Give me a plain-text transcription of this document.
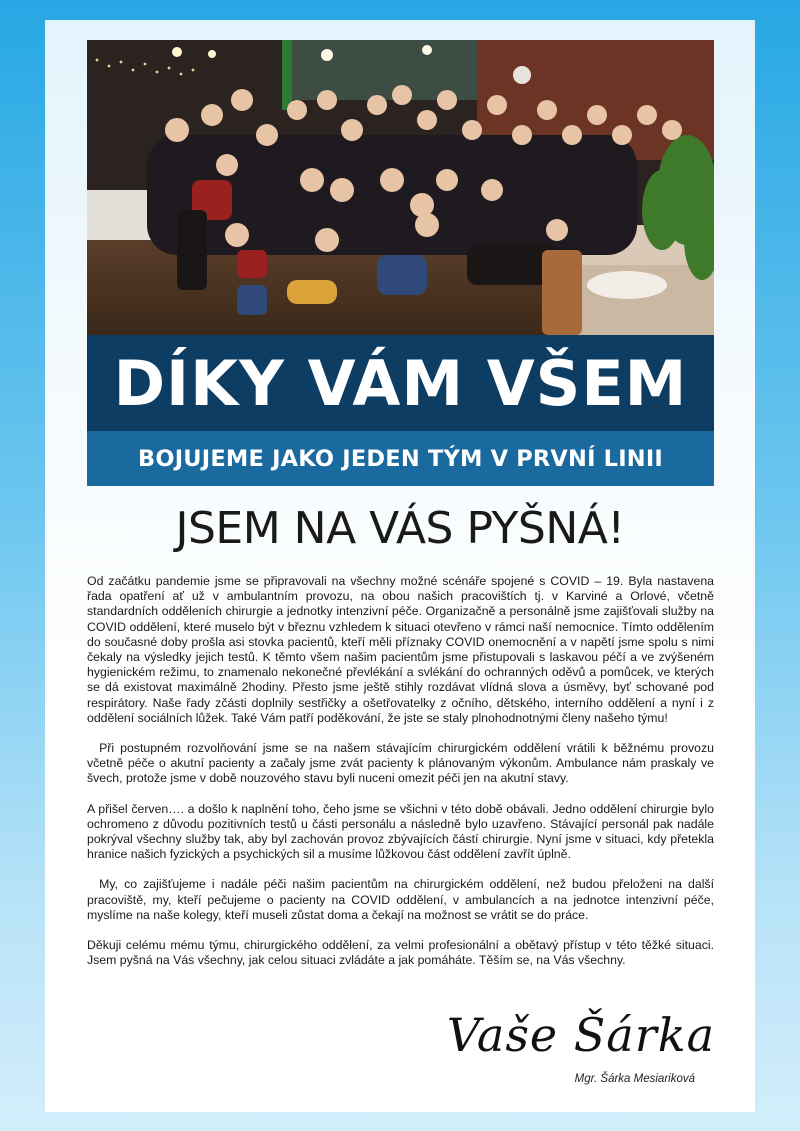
DÍKY VÁM VŠEM
BOJUJEME JAKO JEDEN TÝM V PRVNÍ LINII
JSEM NA VÁS PYŠNÁ!

Od začátku pandemie jsme se připravovali na všechny možné scénáře spojené s COVID – 19. Byla nastavena řada opatření ať už v ambulantním provozu, na obou našich pracovištích tj. v Karviné a Orlové, včetně standardních odděleních chirurgie a jednotky intenzivní péče. Organizačně a personálně jsme zajišťovali služby na COVID oddělení, které muselo být v březnu vzhledem k situaci otevřeno v rámci naší nemocnice. Tímto oddělením do současné doby prošla asi stovka pacientů, kteří měli příznaky COVID onemocnění a v napětí jsme spolu s nimi čekaly na výsledky jejich testů. K těmto všem našim pacientům jsme přistupovali s laskavou péčí a ve zvýšeném hygienickém režimu, to znamenalo nekonečné převlékání a svlékání do ochranných oděvů a pomůcek, ve kterých se dá existovat maximálně 2hodiny. Přesto jsme ještě stihly rozdávat vlídná slova a úsměvy, byť schované pod respirátory. Naše řady zčásti doplnily sestřičky a ošetřovatelky z očního, dětského, interního oddělení a nyní i z oddělení sociálních lůžek. Také Vám patří poděkování, že jste se staly plnohodnotnými členy našeho týmu!

Při postupném rozvolňování jsme se na našem stávajícím chirurgickém oddělení vrátili k běžnému provozu včetně péče o akutní pacienty a začaly jsme zvát pacienty k plánovaným výkonům. Ambulance nám praskaly ve švech, protože jsme v době nouzového stavu byli nuceni omezit péči jen na akutní stavy.

A přišel červen…. a došlo k naplnění toho, čeho jsme se všichni v této době obávali. Jedno oddělení chirurgie bylo ochromeno z důvodu pozitivních testů u části personálu a následně bylo uzavřeno. Stávající personál pak nadále pokrýval všechny služby tak, aby byl zachován provoz zbývajících částí chirurgie. Nyní jsme v situaci, kdy přetekla hranice našich fyzických a psychických sil a musíme lůžkovou část oddělení zavřít úplně.

My, co zajišťujeme i nadále péči našim pacientům na chirurgickém oddělení, než budou přeloženi na další pracoviště, my, kteří pečujeme o pacienty na COVID oddělení, v ambulancích a na jednotce intenzivní péče, myslíme na naše kolegy, kteří museli zůstat doma a čekají na možnost se vrátit se do práce.

Děkuji celému mému týmu, chirurgického oddělení, za velmi profesionální a obětavý přístup v této těžké situaci. Jsem pyšná na Vás všechny, jak celou situaci zvládáte a jak pomáháte. Těším se, na Vás všechny.

Vaše Šárka
Mgr. Šárka Mesiariková
